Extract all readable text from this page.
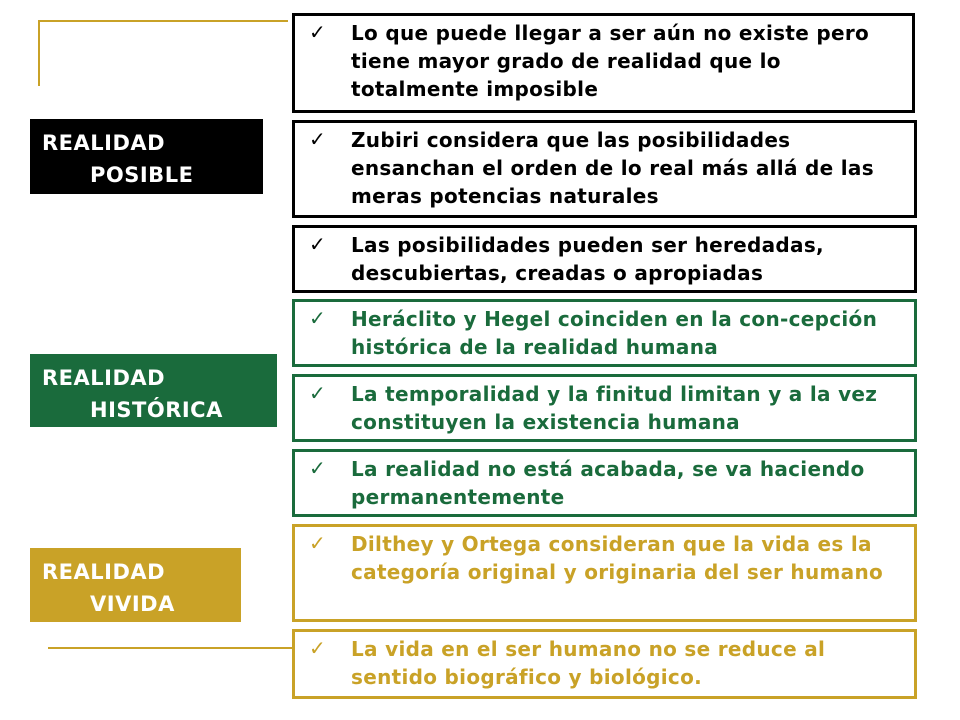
REALIDAD
POSIBLE
REALIDAD
HISTÓRICA
REALIDAD
VIVIDA
✓ Lo que puede llegar a ser aún no existe pero tiene mayor grado de realidad que lo totalmente imposible
✓ Zubiri considera que las posibilidades ensanchan el orden de lo real más allá de las meras potencias naturales
✓ Las posibilidades pueden ser heredadas, descubiertas, creadas o apropiadas
✓ Heráclito y Hegel coinciden en la con-cepción histórica de la realidad humana
✓ La temporalidad y la finitud limitan y a la vez constituyen la existencia humana
✓ La realidad no está acabada, se va haciendo permanentemente
✓ Dilthey y Ortega consideran que la vida es la categoría original y originaria del ser humano
✓ La vida en el ser humano no se reduce al sentido biográfico y biológico.
